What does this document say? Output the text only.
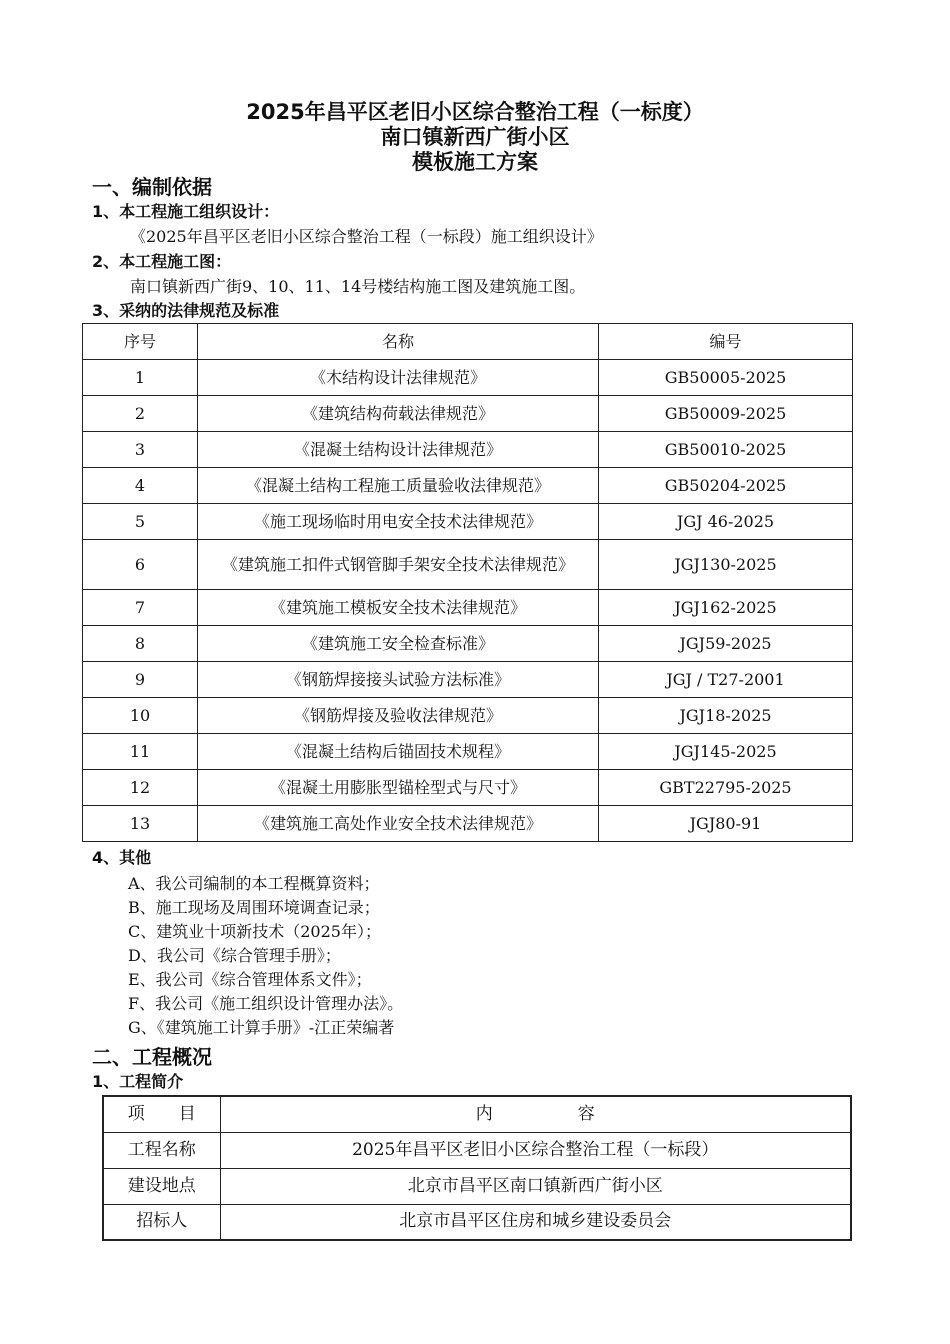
2025年昌平区老旧小区综合整治工程（一标度）
南口镇新西广街小区
模板施工方案
一、编制依据
1、本工程施工组织设计：
《2025年昌平区老旧小区综合整治工程（一标段）施工组织设计》
2、本工程施工图：
南口镇新西广街9、10、11、14号楼结构施工图及建筑施工图。
3、采纳的法律规范及标准
序号	名称	编号
1	《木结构设计法律规范》	GB50005-2025
2	《建筑结构荷载法律规范》	GB50009-2025
3	《混凝土结构设计法律规范》	GB50010-2025
4	《混凝土结构工程施工质量验收法律规范》	GB50204-2025
5	《施工现场临时用电安全技术法律规范》	JGJ 46-2025
6	《建筑施工扣件式钢管脚手架安全技术法律规范》	JGJ130-2025
7	《建筑施工模板安全技术法律规范》	JGJ162-2025
8	《建筑施工安全检查标准》	JGJ59-2025
9	《钢筋焊接接头试验方法标准》	JGJ / T27-2001
10	《钢筋焊接及验收法律规范》	JGJ18-2025
11	《混凝土结构后锚固技术规程》	JGJ145-2025
12	《混凝土用膨胀型锚栓型式与尺寸》	GBT22795-2025
13	《建筑施工高处作业安全技术法律规范》	JGJ80-91
4、其他
A、我公司编制的本工程概算资料；
B、施工现场及周围环境调查记录；
C、建筑业十项新技术（2025年）；
D、我公司《综合管理手册》；
E、我公司《综合管理体系文件》；
F、我公司《施工组织设计管理办法》。
G、《建筑施工计算手册》-江正荣编著
二、工程概况
1、工程简介
项　　目	内　　　　　容
工程名称	2025年昌平区老旧小区综合整治工程（一标段）
建设地点	北京市昌平区南口镇新西广街小区
招标人	北京市昌平区住房和城乡建设委员会
